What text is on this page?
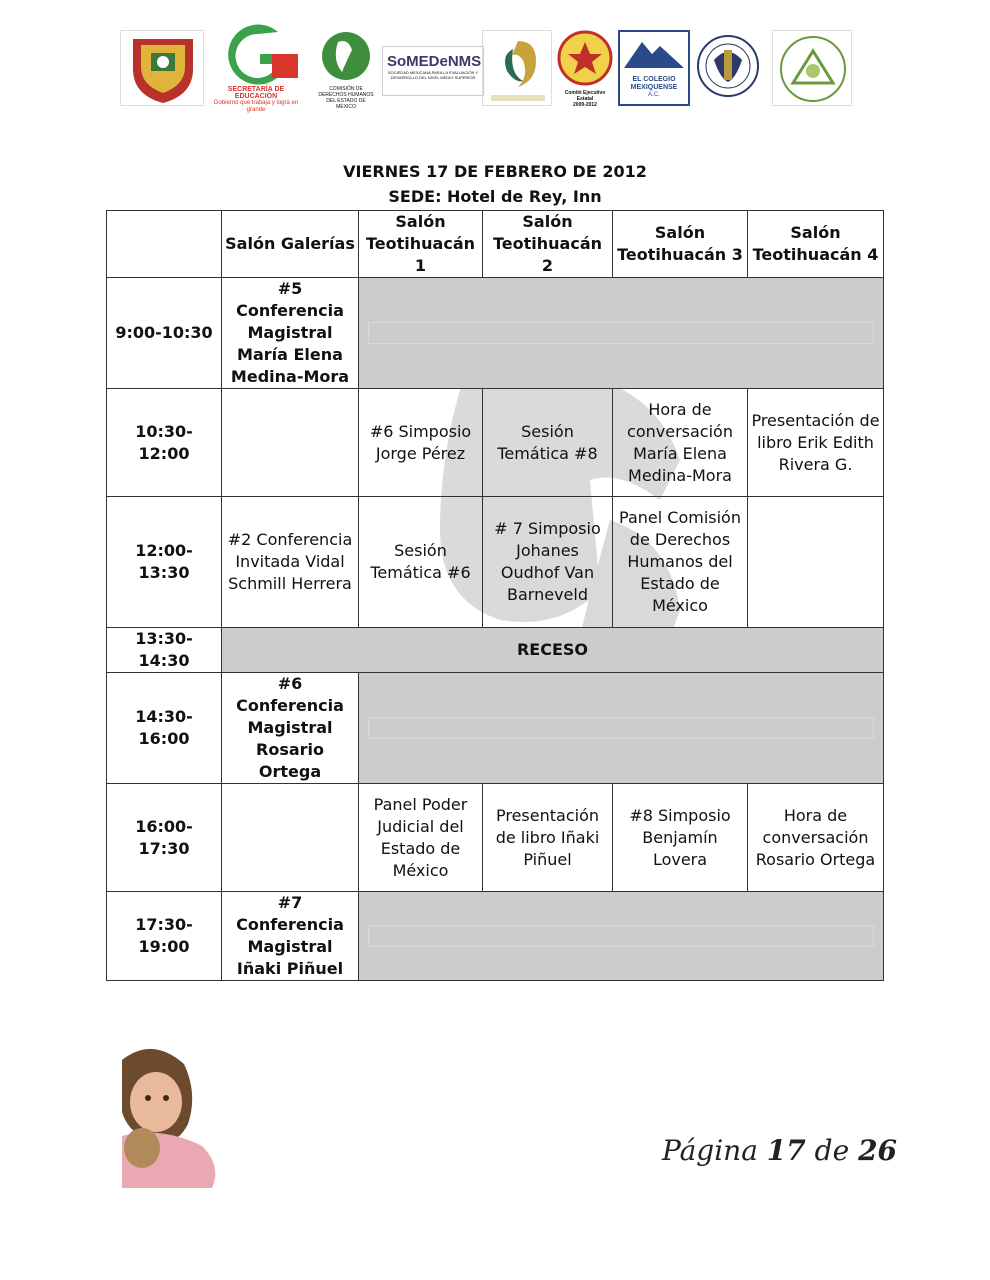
SECRETARÍA DE EDUCACIÓN
Gobierno que trabaja y logra en grande
COMISIÓN DE DERECHOS HUMANOS DEL ESTADO DE MÉXICO
SoMEDeNMS
SOCIEDAD MEXICANA PARA LA EVALUACIÓN Y DESARROLLO DEL NIVEL MEDIO SUPERIOR
Comité Ejecutivo Estatal
2009-2012
EL COLEGIO MEXIQUENSE
A.C.
VIERNES 17 DE FEBRERO DE 2012
SEDE: Hotel de Rey, Inn
	Salón Galerías	Salón Teotihuacán 1	Salón Teotihuacán 2	Salón Teotihuacán 3	Salón Teotihuacán 4
9:00-10:30	#5 Conferencia Magistral María Elena Medina-Mora				

10:30-12:00		#6 Simposio Jorge Pérez	Sesión Temática #8	Hora de conversación María Elena Medina-Mora	Presentación de libro Erik Edith Rivera G.
12:00-13:30	#2 Conferencia Invitada Vidal Schmill Herrera	Sesión Temática #6	# 7 Simposio Johanes Oudhof Van Barneveld	Panel Comisión de Derechos Humanos del Estado de México	
13:30-14:30	RECESO				
14:30-16:00	#6 Conferencia Magistral Rosario Ortega				

16:00-17:30		Panel Poder Judicial del Estado de México	Presentación de libro Iñaki Piñuel	#8 Simposio Benjamín Lovera	Hora de conversación Rosario Ortega
17:30-19:00	#7 Conferencia Magistral Iñaki Piñuel				
Página 17 de 26
